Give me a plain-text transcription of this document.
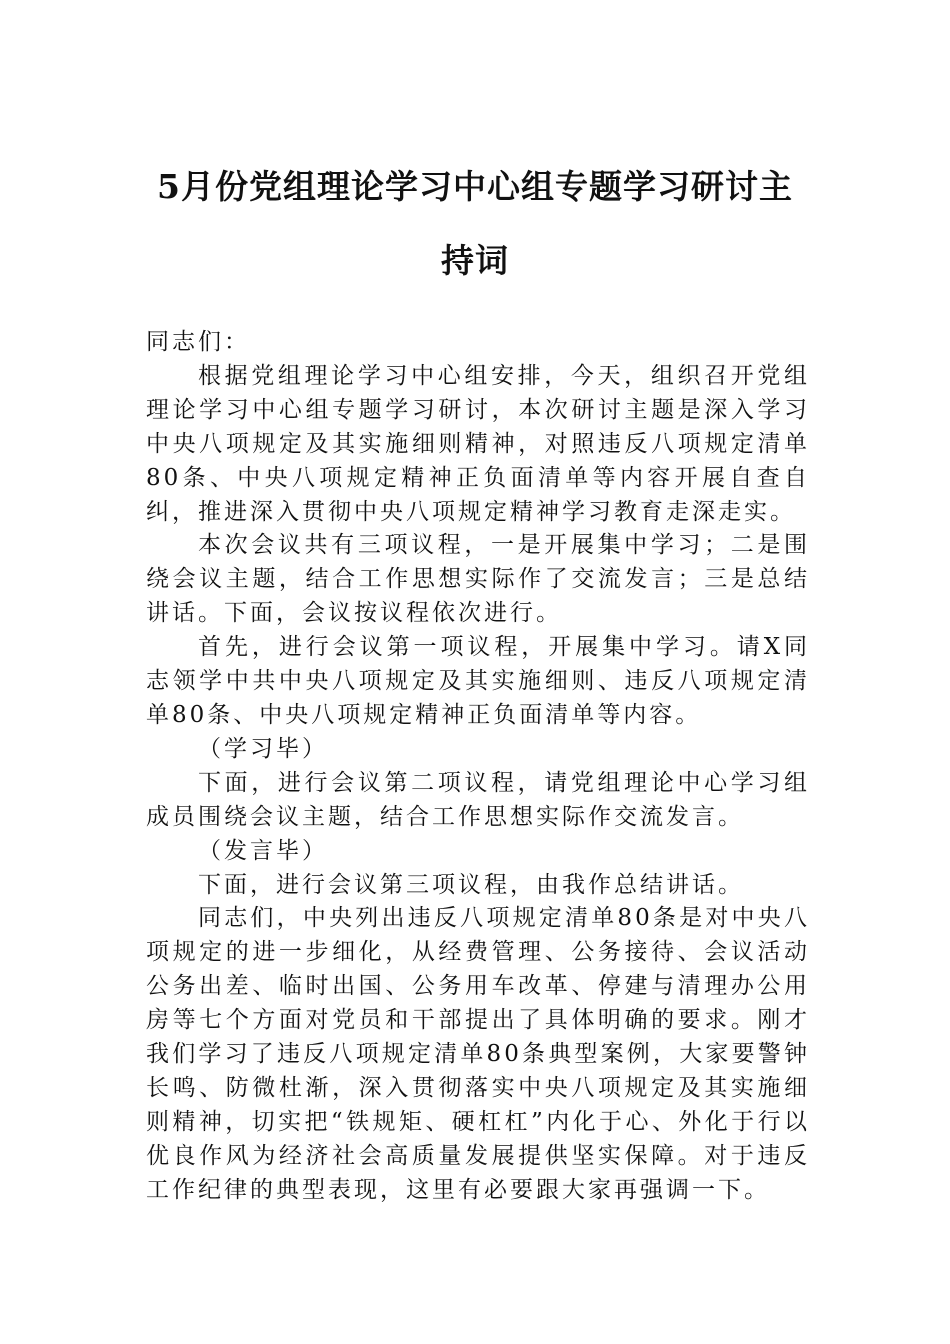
5月份党组理论学习中心组专题学习研讨主
持词

同志们：

根据党组理论学习中心组安排，今天，组织召开党组理论学习中心组专题学习研讨，本次研讨主题是深入学习中央八项规定及其实施细则精神，对照违反八项规定清单80条、中央八项规定精神正负面清单等内容开展自查自纠，推进深入贯彻中央八项规定精神学习教育走深走实。

本次会议共有三项议程，一是开展集中学习；二是围绕会议主题，结合工作思想实际作了交流发言；三是总结讲话。下面，会议按议程依次进行。

首先，进行会议第一项议程，开展集中学习。请X同志领学中共中央八项规定及其实施细则、违反八项规定清单80条、中央八项规定精神正负面清单等内容。

（学习毕）

下面，进行会议第二项议程，请党组理论中心学习组成员围绕会议主题，结合工作思想实际作交流发言。

（发言毕）

下面，进行会议第三项议程，由我作总结讲话。

同志们，中央列出违反八项规定清单80条是对中央八项规定的进一步细化，从经费管理、公务接待、会议活动公务出差、临时出国、公务用车改革、停建与清理办公用房等七个方面对党员和干部提出了具体明确的要求。刚才我们学习了违反八项规定清单80条典型案例，大家要警钟长鸣、防微杜渐，深入贯彻落实中央八项规定及其实施细则精神，切实把“铁规矩、硬杠杠”内化于心、外化于行以优良作风为经济社会高质量发展提供坚实保障。对于违反工作纪律的典型表现，这里有必要跟大家再强调一下。
